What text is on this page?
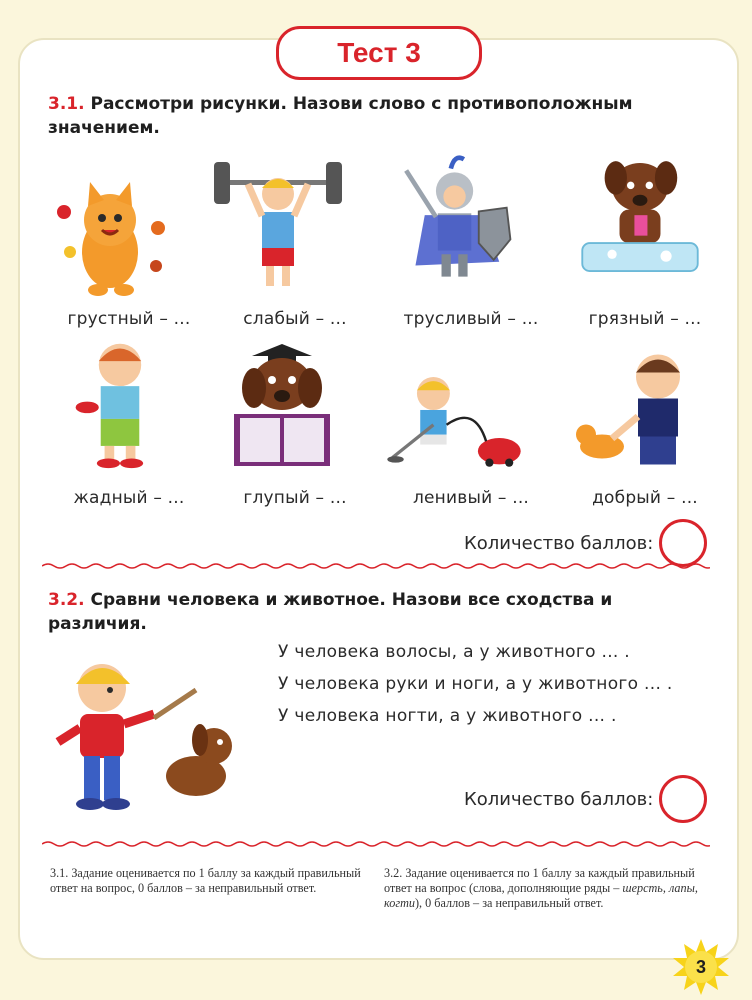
Тест 3
3.1. Рассмотри рисунки. Назови слово с противоположным значением.
грустный – ...	слабый – ...	трусливый – ...	грязный – ...
жадный – ...	глупый – ...	ленивый – ...	добрый – ...
Количество баллов:
3.2. Сравни человека и животное. Назови все сходства и различия.
У человека волосы, а у животного ... .
У человека руки и ноги, а у животного ... .
У человека ногти, а у животного ... .
Количество баллов:
3.1. Задание оценивается по 1 баллу за каждый правильный ответ на вопрос, 0 баллов – за неправильный ответ.
3.2. Задание оценивается по 1 баллу за каждый правильный ответ на вопрос (слова, дополняющие ряды – шерсть, лапы, когти), 0 баллов – за неправильный ответ.
3
